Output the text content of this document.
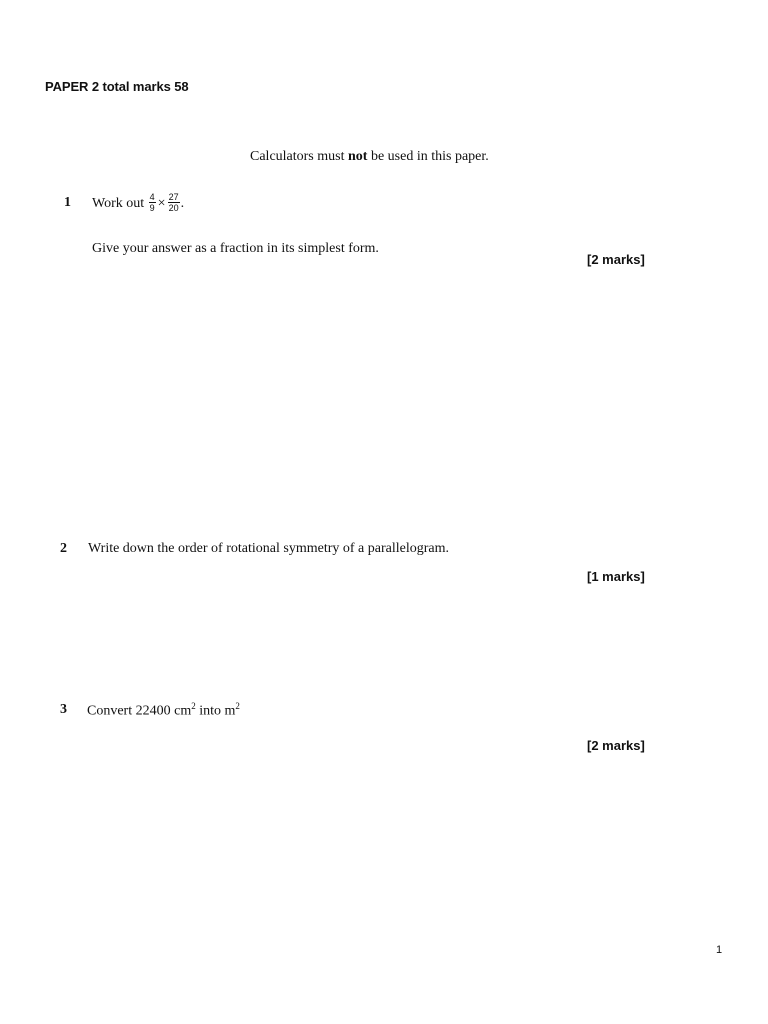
PAPER 2 total marks 58
Calculators must not be used in this paper.
1 Work out $\frac{4}{9} \times \frac{27}{20}$ .
Give your answer as a fraction in its simplest form.
[2 marks]
2 Write down the order of rotational symmetry of a parallelogram.
[1 marks]
3 Convert 22400 $cm^2$ into $m^2$
[2 marks]
1
